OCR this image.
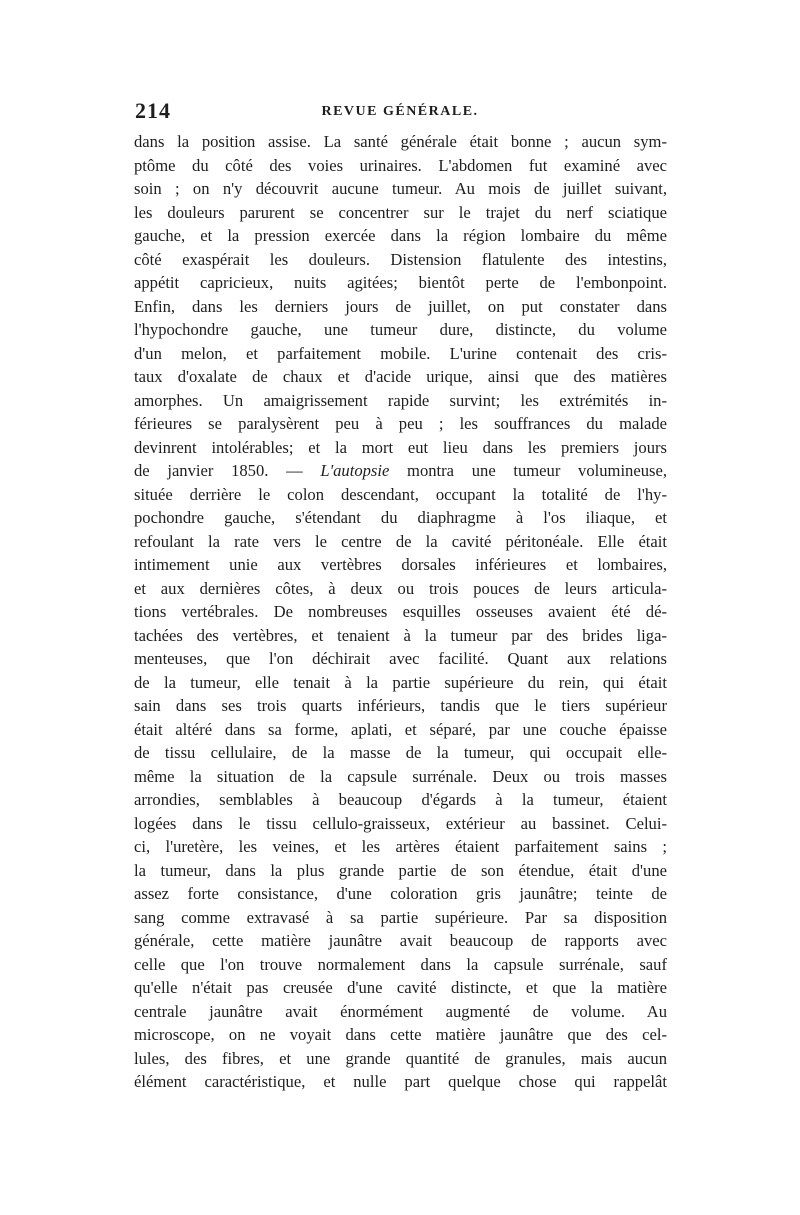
214	REVUE GÉNÉRALE.
dans la position assise. La santé générale était bonne ; aucun sym-
ptôme du côté des voies urinaires. L'abdomen fut examiné avec
soin ; on n'y découvrit aucune tumeur. Au mois de juillet suivant,
les douleurs parurent se concentrer sur le trajet du nerf sciatique
gauche, et la pression exercée dans la région lombaire du même
côté exaspérait les douleurs. Distension flatulente des intestins,
appétit capricieux, nuits agitées; bientôt perte de l'embonpoint.
Enfin, dans les derniers jours de juillet, on put constater dans
l'hypochondre gauche, une tumeur dure, distincte, du volume
d'un melon, et parfaitement mobile. L'urine contenait des cris-
taux d'oxalate de chaux et d'acide urique, ainsi que des matières
amorphes. Un amaigrissement rapide survint; les extrémités in-
férieures se paralysèrent peu à peu ; les souffrances du malade
devinrent intolérables; et la mort eut lieu dans les premiers jours
de janvier 1850. — L'autopsie montra une tumeur volumineuse,
située derrière le colon descendant, occupant la totalité de l'hy-
pochondre gauche, s'étendant du diaphragme à l'os iliaque, et
refoulant la rate vers le centre de la cavité péritonéale. Elle était
intimement unie aux vertèbres dorsales inférieures et lombaires,
et aux dernières côtes, à deux ou trois pouces de leurs articula-
tions vertébrales. De nombreuses esquilles osseuses avaient été dé-
tachées des vertèbres, et tenaient à la tumeur par des brides liga-
menteuses, que l'on déchirait avec facilité. Quant aux relations
de la tumeur, elle tenait à la partie supérieure du rein, qui était
sain dans ses trois quarts inférieurs, tandis que le tiers supérieur
était altéré dans sa forme, aplati, et séparé, par une couche épaisse
de tissu cellulaire, de la masse de la tumeur, qui occupait elle-
même la situation de la capsule surrénale. Deux ou trois masses
arrondies, semblables à beaucoup d'égards à la tumeur, étaient
logées dans le tissu cellulo-graisseux, extérieur au bassinet. Celui-
ci, l'uretère, les veines, et les artères étaient parfaitement sains ;
la tumeur, dans la plus grande partie de son étendue, était d'une
assez forte consistance, d'une coloration gris jaunâtre; teinte de
sang comme extravasé à sa partie supérieure. Par sa disposition
générale, cette matière jaunâtre avait beaucoup de rapports avec
celle que l'on trouve normalement dans la capsule surrénale, sauf
qu'elle n'était pas creusée d'une cavité distincte, et que la matière
centrale jaunâtre avait énormément augmenté de volume. Au
microscope, on ne voyait dans cette matière jaunâtre que des cel-
lules, des fibres, et une grande quantité de granules, mais aucun
élément caractéristique, et nulle part quelque chose qui rappelât
